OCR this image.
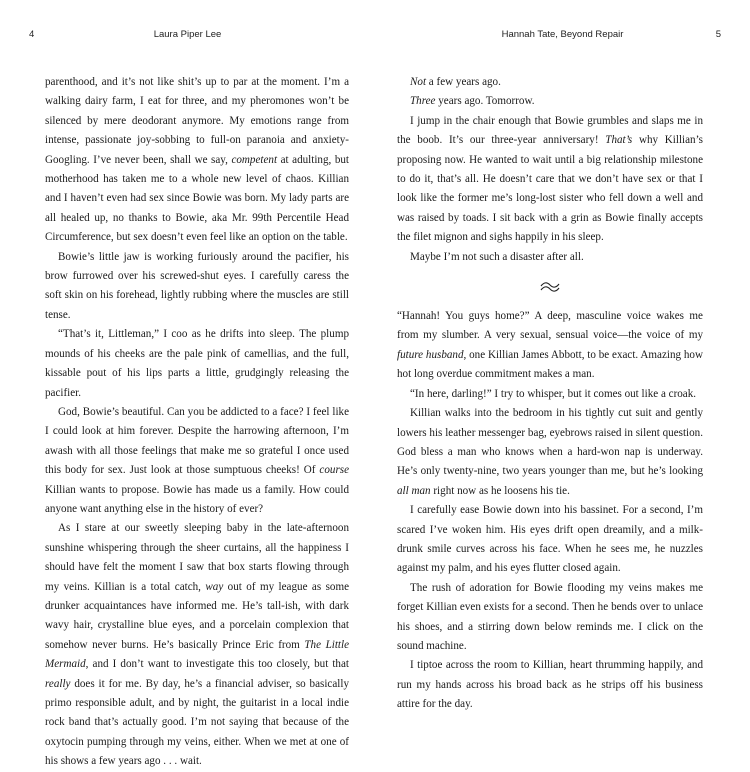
4	Laura Piper Lee

parenthood, and it’s not like shit’s up to par at the moment. I’m a walking dairy farm, I eat for three, and my pheromones won’t be silenced by mere deodorant anymore. My emotions range from intense, passionate joy-sobbing to full-on paranoia and anxiety-Googling. I’ve never been, shall we say, competent at adulting, but motherhood has taken me to a whole new level of chaos. Killian and I haven’t even had sex since Bowie was born. My lady parts are all healed up, no thanks to Bowie, aka Mr. 99th Percentile Head Circumference, but sex doesn’t even feel like an option on the table.

Bowie’s little jaw is working furiously around the pacifier, his brow furrowed over his screwed-shut eyes. I carefully caress the soft skin on his forehead, lightly rubbing where the muscles are still tense.

“That’s it, Littleman,” I coo as he drifts into sleep. The plump mounds of his cheeks are the pale pink of camellias, and the full, kissable pout of his lips parts a little, grudgingly releasing the pacifier.

God, Bowie’s beautiful. Can you be addicted to a face? I feel like I could look at him forever. Despite the harrowing afternoon, I’m awash with all those feelings that make me so grateful I once used this body for sex. Just look at those sumptuous cheeks! Of course Killian wants to propose. Bowie has made us a family. How could anyone want anything else in the history of ever?

As I stare at our sweetly sleeping baby in the late-afternoon sunshine whispering through the sheer curtains, all the happiness I should have felt the moment I saw that box starts flowing through my veins. Killian is a total catch, way out of my league as some drunker acquaintances have informed me. He’s tall-ish, with dark wavy hair, crystalline blue eyes, and a porcelain complexion that somehow never burns. He’s basically Prince Eric from The Little Mermaid, and I don’t want to investigate this too closely, but that really does it for me. By day, he’s a financial adviser, so basically primo responsible adult, and by night, the guitarist in a local indie rock band that’s actually good. I’m not saying that because of the oxytocin pumping through my veins, either. When we met at one of his shows a few years ago . . . wait.

Hannah Tate, Beyond Repair	5

Not a few years ago.

Three years ago. Tomorrow.

I jump in the chair enough that Bowie grumbles and slaps me in the boob. It’s our three-year anniversary! That’s why Killian’s proposing now. He wanted to wait until a big relationship milestone to do it, that’s all. He doesn’t care that we don’t have sex or that I look like the former me’s long-lost sister who fell down a well and was raised by toads. I sit back with a grin as Bowie finally accepts the filet mignon and sighs happily in his sleep.

Maybe I’m not such a disaster after all.

“Hannah! You guys home?” A deep, masculine voice wakes me from my slumber. A very sexual, sensual voice—the voice of my future husband, one Killian James Abbott, to be exact. Amazing how hot long overdue commitment makes a man.

“In here, darling!” I try to whisper, but it comes out like a croak.

Killian walks into the bedroom in his tightly cut suit and gently lowers his leather messenger bag, eyebrows raised in silent question. God bless a man who knows when a hard-won nap is underway. He’s only twenty-nine, two years younger than me, but he’s looking all man right now as he loosens his tie.

I carefully ease Bowie down into his bassinet. For a second, I’m scared I’ve woken him. His eyes drift open dreamily, and a milk-drunk smile curves across his face. When he sees me, he nuzzles against my palm, and his eyes flutter closed again.

The rush of adoration for Bowie flooding my veins makes me forget Killian even exists for a second. Then he bends over to unlace his shoes, and a stirring down below reminds me. I click on the sound machine.

I tiptoe across the room to Killian, heart thrumming happily, and run my hands across his broad back as he strips off his business attire for the day.
